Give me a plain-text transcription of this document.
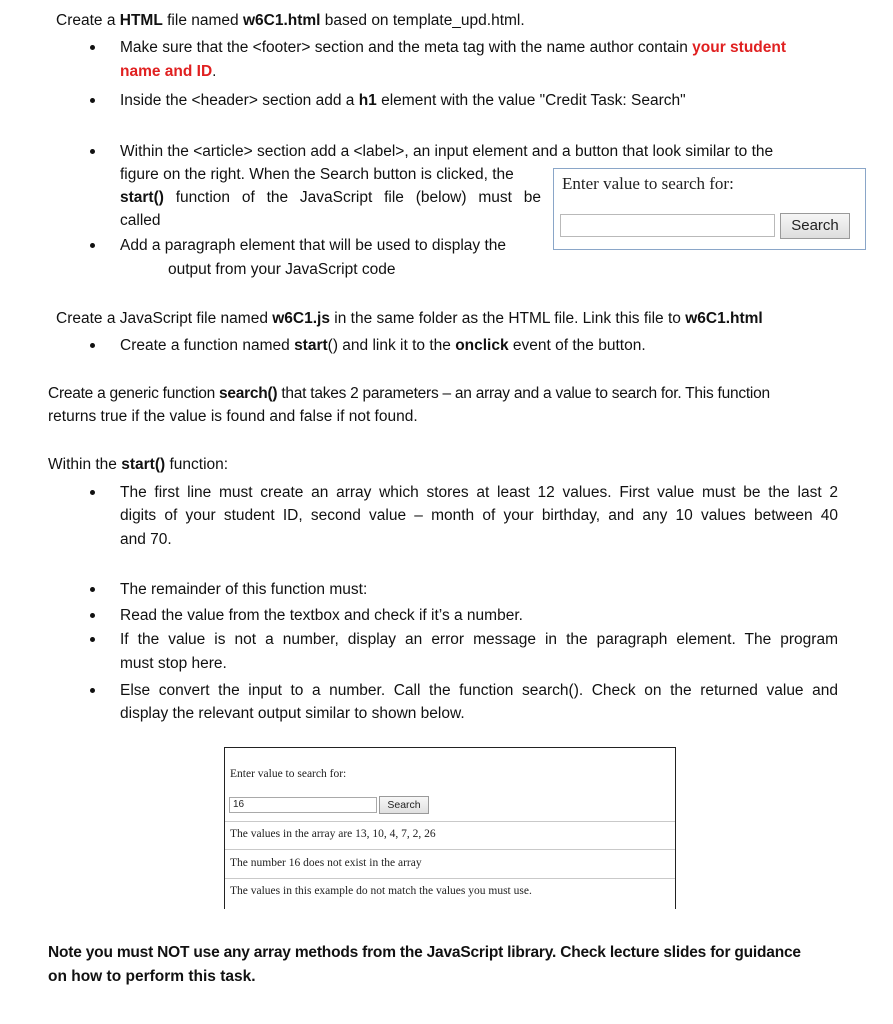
Create a HTML file named w6C1.html based on template_upd.html.
Make sure that the <footer> section and the meta tag with the name author contain your student
name and ID.
Inside the <header> section add a h1 element with the value "Credit Task: Search"
Within the <article> section add a <label>, an input element and a button that look similar to the
figure on the right. When the Search button is clicked, the
start() function of the JavaScript file (below) must be
called
Add a paragraph element that will be used to display the
output from your JavaScript code
Enter value to search for:
Search
Create a JavaScript file named w6C1.js in the same folder as the HTML file. Link this file to w6C1.html
Create a function named start() and link it to the onclick event of the button.
Create a generic function search() that takes 2 parameters – an array and a value to search for. This function
returns true if the value is found and false if not found.
Within the start() function:
The first line must create an array which stores at least 12 values. First value must be the last 2
digits of your student ID, second value – month of your birthday, and any 10 values between 40
and 70.
The remainder of this function must:
Read the value from the textbox and check if it’s a number.
If the value is not a number, display an error message in the paragraph element. The program
must stop here.
Else convert the input to a number. Call the function search(). Check on the returned value and
display the relevant output similar to shown below.
Enter value to search for:
16	Search
The values in the array are 13, 10, 4, 7, 2, 26
The number 16 does not exist in the array
The values in this example do not match the values you must use.
Note you must NOT use any array methods from the JavaScript library. Check lecture slides for guidance
on how to perform this task.
